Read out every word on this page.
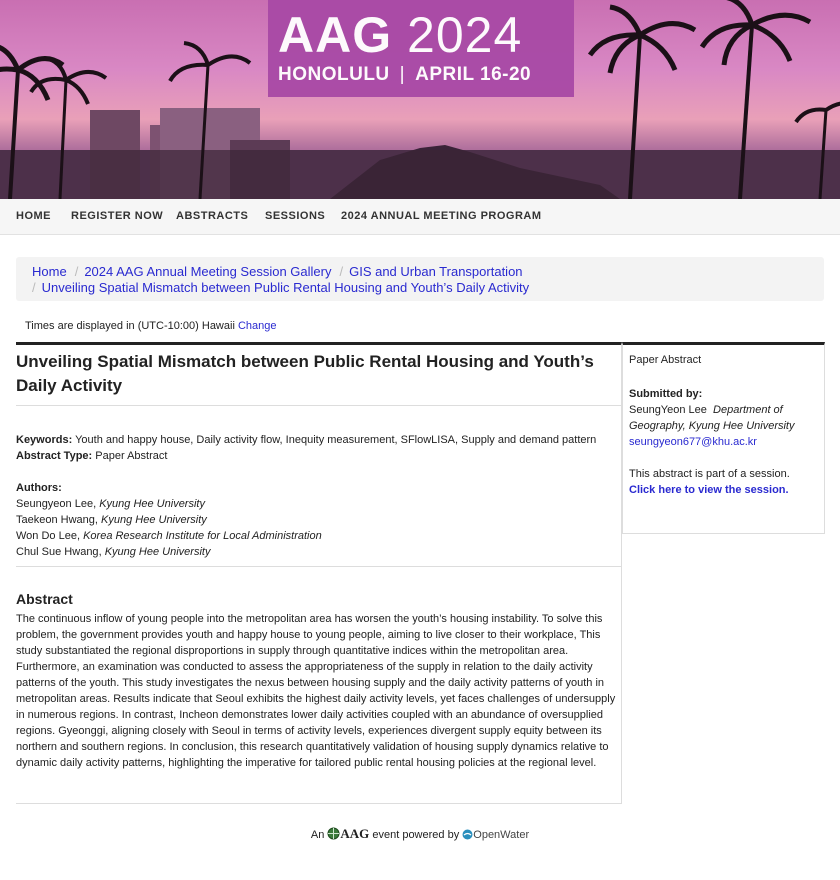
AAG 2024
HONOLULU | APRIL 16-20
HOME REGISTER NOW ABSTRACTS SESSIONS 2024 ANNUAL MEETING PROGRAM
Home / 2024 AAG Annual Meeting Session Gallery / GIS and Urban Transportation
/ Unveiling Spatial Mismatch between Public Rental Housing and Youth’s Daily Activity
Times are displayed in (UTC-10:00) Hawaii Change
Unveiling Spatial Mismatch between Public Rental Housing and Youth’s Daily Activity
Keywords: Youth and happy house, Daily activity flow, Inequity measurement, SFlowLISA, Supply and demand pattern
Abstract Type: Paper Abstract
Authors:
Seungyeon Lee, Kyung Hee University
Taekeon Hwang, Kyung Hee University
Won Do Lee, Korea Research Institute for Local Administration
Chul Sue Hwang, Kyung Hee University
Abstract
The continuous inflow of young people into the metropolitan area has worsen the youth’s housing instability. To solve this problem, the government provides youth and happy house to young people, aiming to live closer to their workplace, This study substantiated the regional disproportions in supply through quantitative indices within the metropolitan area. Furthermore, an examination was conducted to assess the appropriateness of the supply in relation to the daily activity patterns of the youth. This study investigates the nexus between housing supply and the daily activity patterns of youth in metropolitan areas. Results indicate that Seoul exhibits the highest daily activity levels, yet faces challenges of undersupply in numerous regions. In contrast, Incheon demonstrates lower daily activities coupled with an abundance of oversupplied regions. Gyeonggi, aligning closely with Seoul in terms of activity levels, experiences divergent supply equity between its northern and southern regions. In conclusion, this research quantitatively validation of housing supply dynamics relative to dynamic daily activity patterns, highlighting the imperative for tailored public rental housing policies at the regional level.
Paper Abstract
Submitted by:
SeungYeon Lee Department of Geography, Kyung Hee University
seungyeon677@khu.ac.kr
This abstract is part of a session.
Click here to view the session.
An AAG event powered by OpenWater
